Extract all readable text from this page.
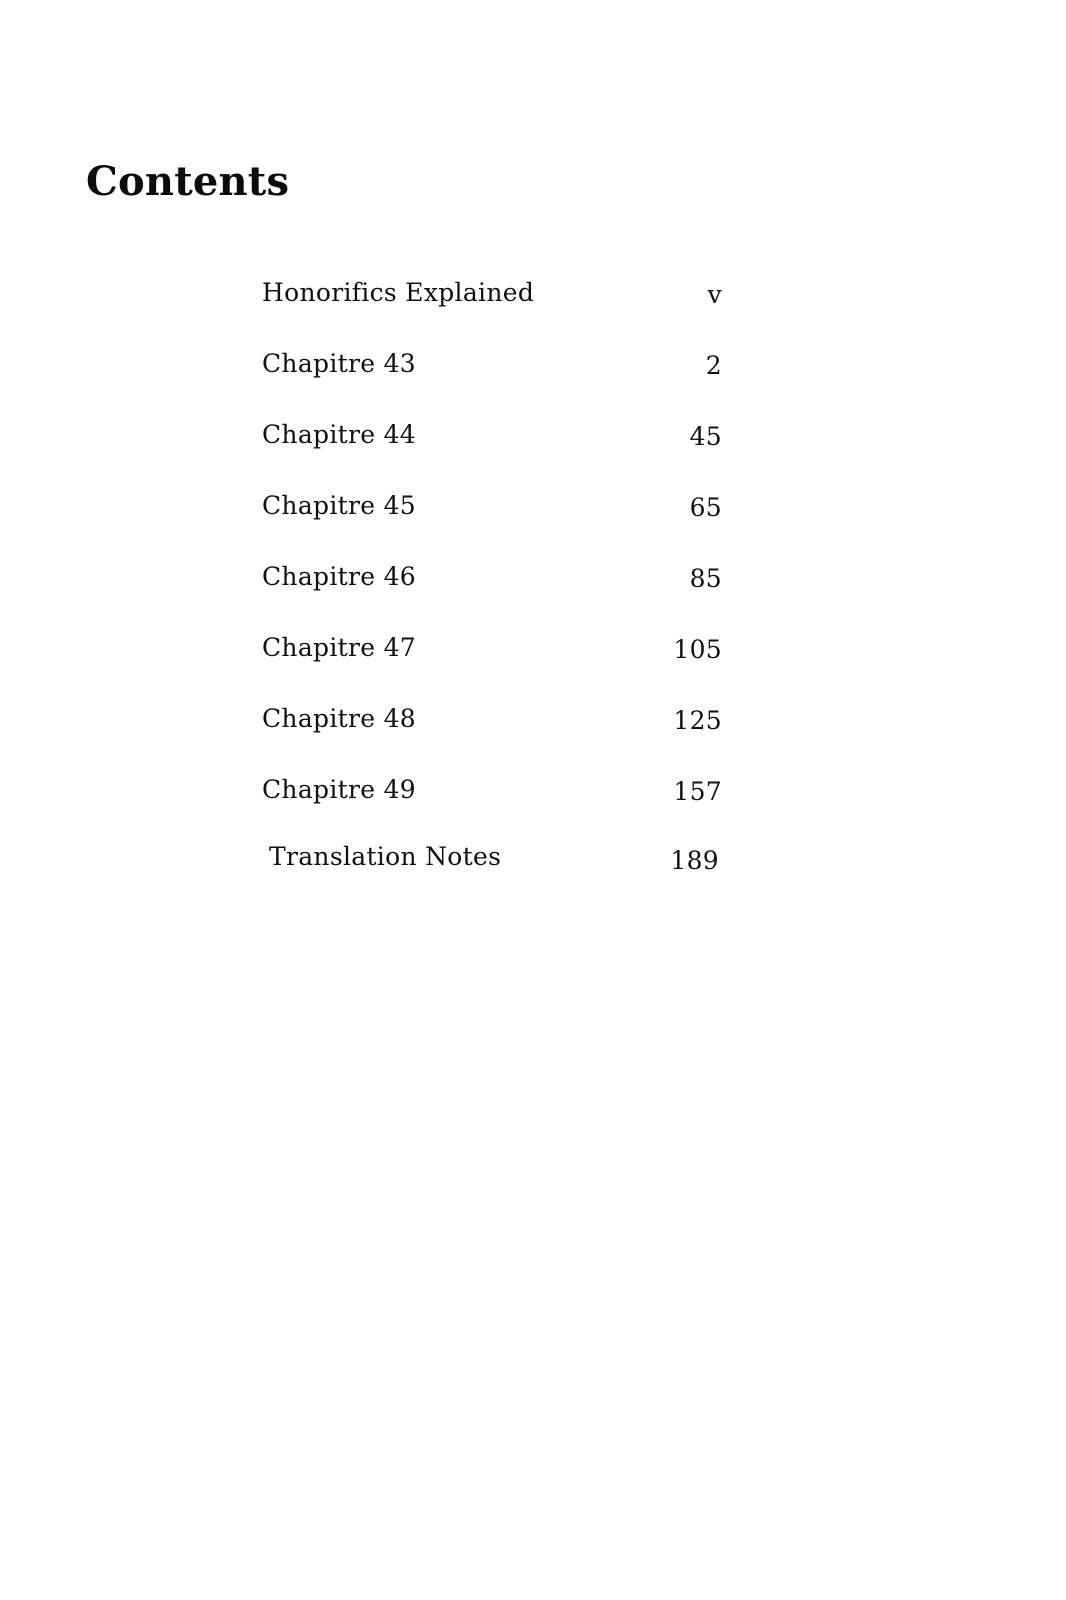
Contents
Honorifics Explained	v
Chapitre 43	2
Chapitre 44	45
Chapitre 45	65
Chapitre 46	85
Chapitre 47	105
Chapitre 48	125
Chapitre 49	157
Translation Notes	189
